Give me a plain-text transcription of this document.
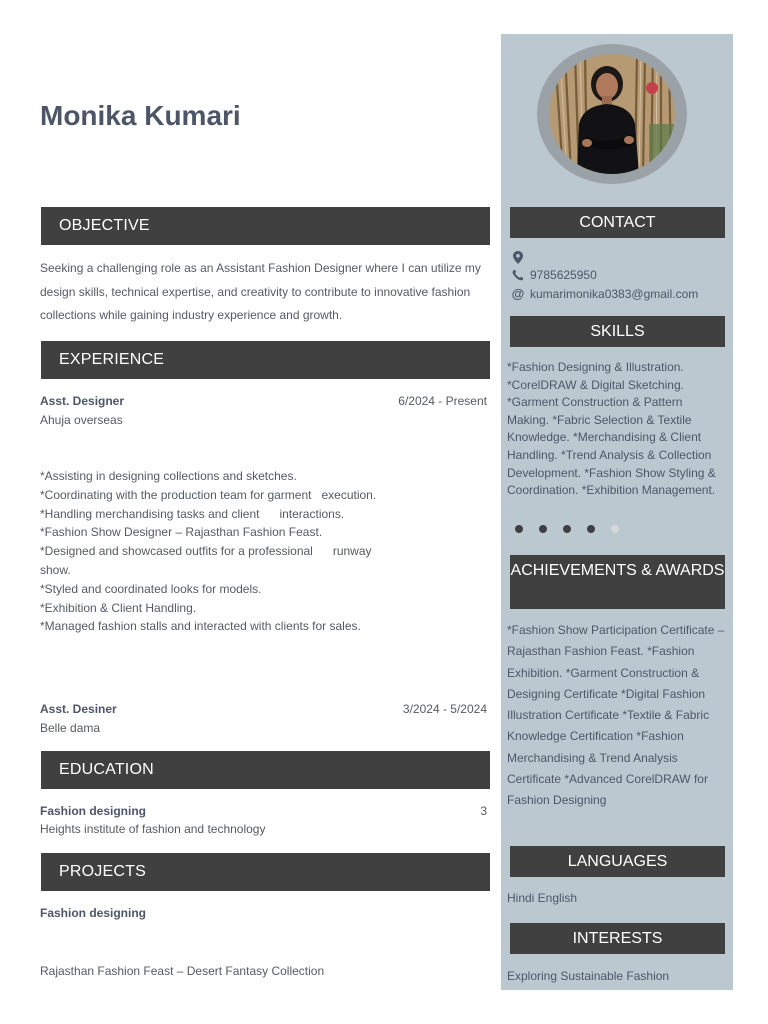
Monika Kumari
OBJECTIVE
Seeking a challenging role as an Assistant Fashion Designer where I can utilize my design skills, technical expertise, and creativity to contribute to innovative fashion collections while gaining industry experience and growth.
EXPERIENCE
Asst. Designer	6/2024 - Present
Ahuja overseas
*Assisting in designing collections and sketches.
*Coordinating with the production team for garment   execution.
*Handling merchandising tasks and client      interactions.
*Fashion Show Designer – Rajasthan Fashion Feast.
*Designed and showcased outfits for a professional      runway
show.
*Styled and coordinated looks for models.
*Exhibition & Client Handling.
*Managed fashion stalls and interacted with clients for sales.
Asst. Desiner	3/2024 - 5/2024
Belle dama
EDUCATION
Fashion designing	3
Heights institute of fashion and technology
PROJECTS
Fashion designing
Rajasthan Fashion Feast – Desert Fantasy Collection
CONTACT
9785625950
@ kumarimonika0383@gmail.com
SKILLS
*Fashion Designing & Illustration. *CorelDRAW & Digital Sketching. *Garment Construction & Pattern Making. *Fabric Selection & Textile Knowledge. *Merchandising & Client Handling. *Trend Analysis & Collection Development. *Fashion Show Styling & Coordination. *Exhibition Management.
ACHIEVEMENTS & AWARDS
*Fashion Show Participation Certificate – Rajasthan Fashion Feast. *Fashion Exhibition. *Garment Construction & Designing Certificate *Digital Fashion Illustration Certificate *Textile & Fabric Knowledge Certification *Fashion Merchandising & Trend Analysis Certificate *Advanced CorelDRAW for Fashion Designing
LANGUAGES
Hindi English
INTERESTS
Exploring Sustainable Fashion
